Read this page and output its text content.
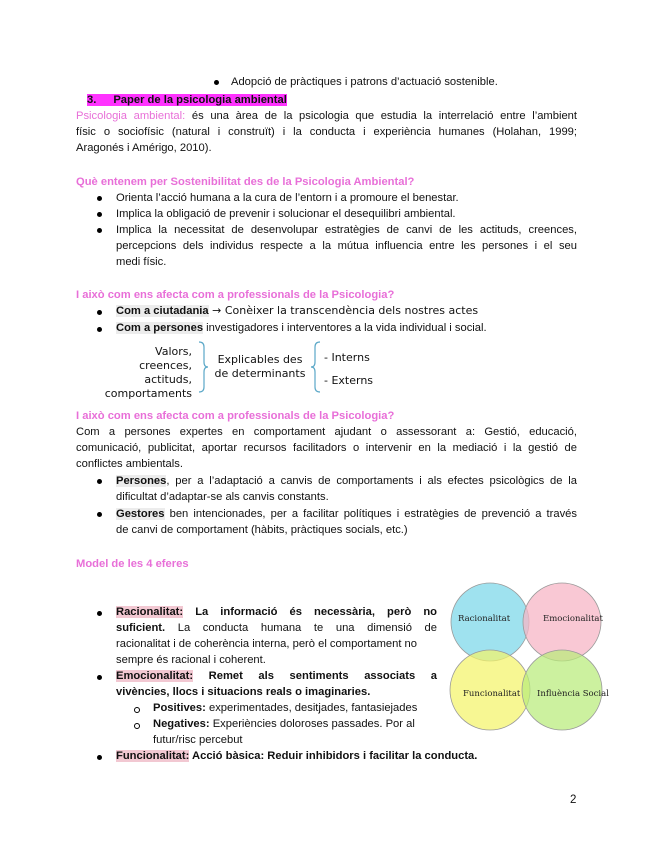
Adopció de pràctiques i patrons d’actuació sostenible.
3. Paper de la psicologia ambiental
Psicologia ambiental: és una àrea de la psicologia que estudia la interrelació entre l’ambient
físic o sociofísic (natural i construït) i la conducta i experiència humanes (Holahan, 1999;
Aragonés i Amérigo, 2010).
Què entenem per Sostenibilitat des de la Psicologia Ambiental?
Orienta l’acció humana a la cura de l’entorn i a promoure el benestar.
Implica la obligació de prevenir i solucionar el desequilibri ambiental.
Implica la necessitat de desenvolupar estratègies de canvi de les actituds, creences,
percepcions dels individus respecte a la mútua influencia entre les persones i el seu
medi físic.
I això com ens afecta com a professionals de la Psicologia?
Com a ciutadania → Conèixer la transcendència dels nostres actes
Com a persones investigadores i interventores a la vida individual i social.
Valors, creences,
actituds,
comportaments
Explicables des
de determinants
- Interns
- Externs
I això com ens afecta com a professionals de la Psicologia?
Com a persones expertes en comportament ajudant o assessorant a: Gestió, educació,
comunicació, publicitat, aportar recursos facilitadors o intervenir en la mediació i la gestió de
conflictes ambientals.
Persones, per a l’adaptació a canvis de comportaments i als efectes psicològics de la
dificultat d’adaptar-se als canvis constants.
Gestores ben intencionades, per a facilitar polítiques i estratègies de prevenció a través
de canvi de comportament (hàbits, pràctiques socials, etc.)
Model de les 4 eferes
Racionalitat: La informació és necessària, però no
suficient. La conducta humana te una dimensió de
racionalitat i de coherència interna, però el comportament no
sempre és racional i coherent.
Emocionalitat: Remet als sentiments associats a
vivències, llocs i situacions reals o imaginaries.
Positives: experimentades, desitjades, fantasiejades
Negatives: Experiències doloroses passades. Por al
futur/risc percebut
Funcionalitat: Acció bàsica: Reduir inhibidors i facilitar la conducta.
Racionalitat	Emocionalitat
Funcionalitat Influència Social
2
